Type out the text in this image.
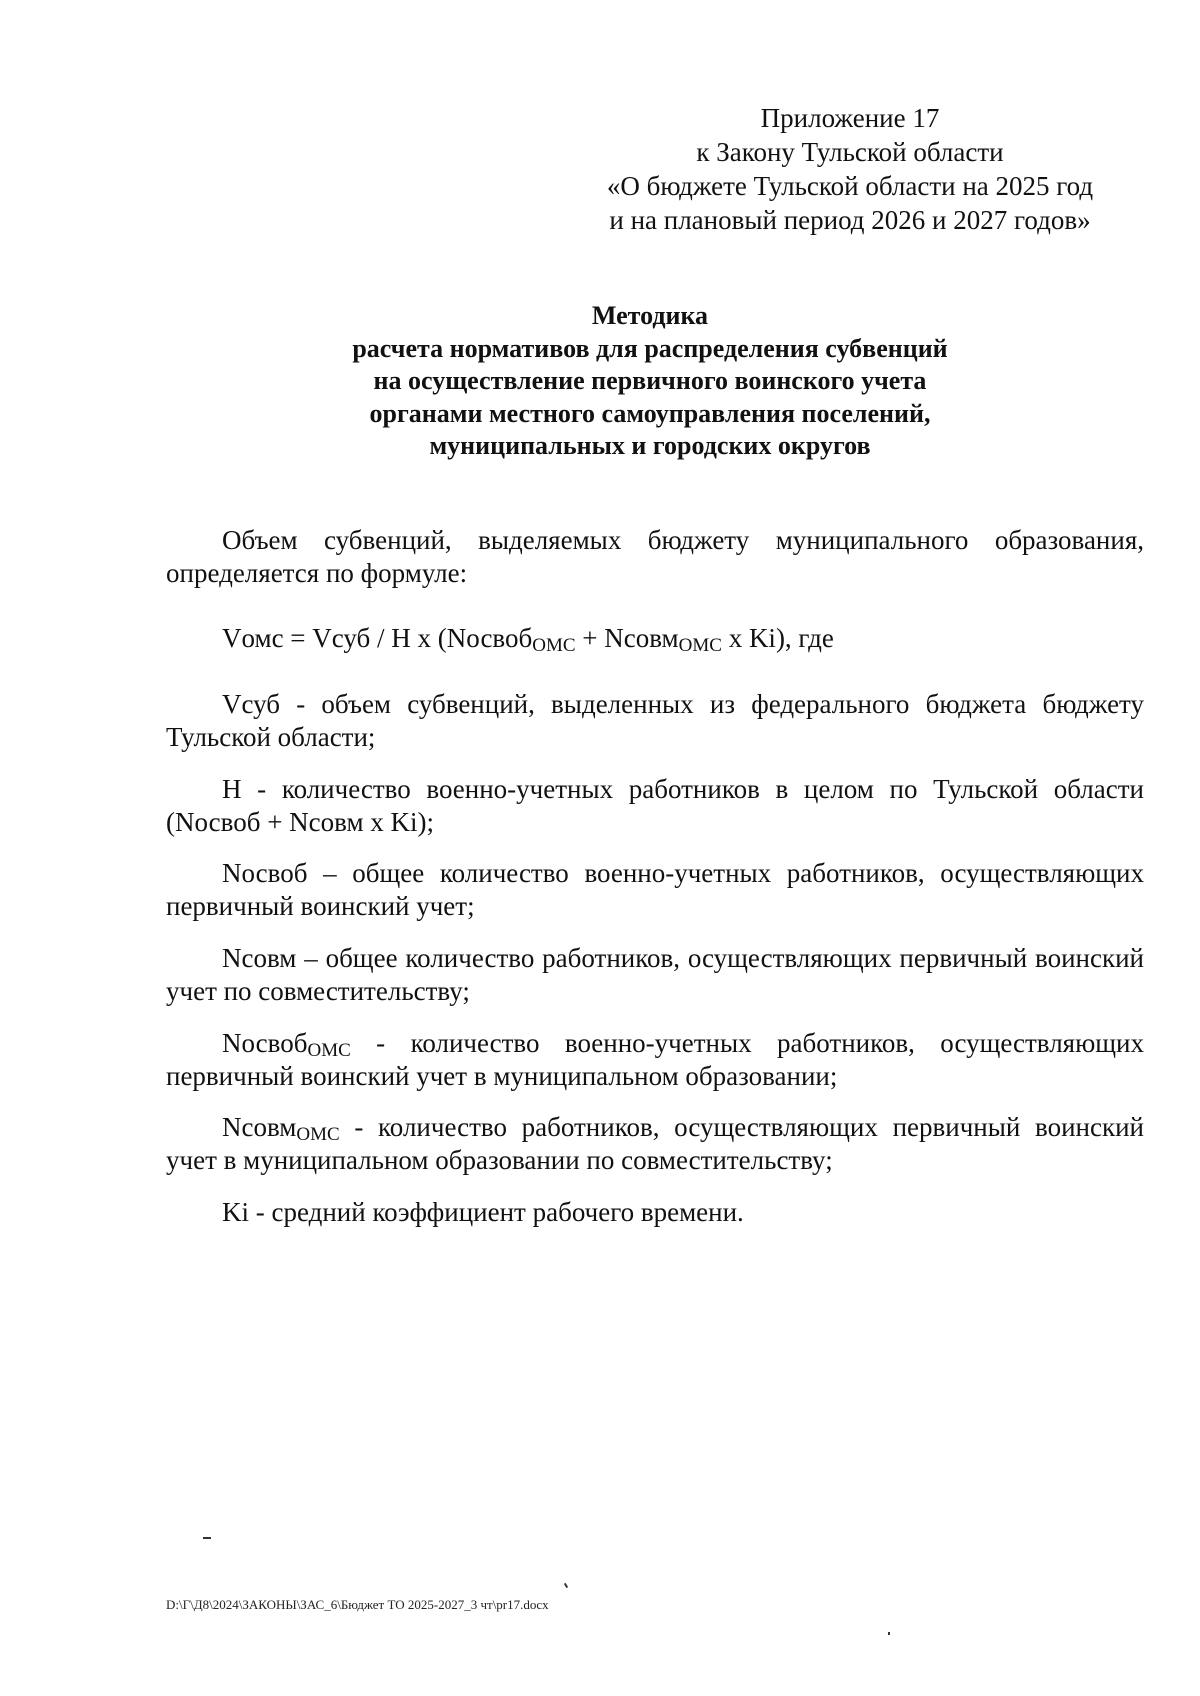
Приложение 17
к Закону Тульской области
«О бюджете Тульской области на 2025 год
и на плановый период 2026 и 2027 годов»
Методика
расчета нормативов для распределения субвенций
на осуществление первичного воинского учета
органами местного самоуправления поселений,
муниципальных и городских округов

Объем субвенций, выделяемых бюджету муниципального образования, определяется по формуле:

Vомс = Vсуб / Н х (Nосвоб$_{ОМС}$ + Nсовм$_{ОМС}$ х Ki), где

Vсуб - объем субвенций, выделенных из федерального бюджета бюджету Тульской области;

Н - количество военно-учетных работников в целом по Тульской области (Nосвоб + Nсовм х Ki);

Nосвоб – общее количество военно-учетных работников, осуществляющих первичный воинский учет;

Nсовм – общее количество работников, осуществляющих первичный воинский учет по совместительству;

Nосвоб$_{ОМС}$ - количество военно-учетных работников, осуществляющих первичный воинский учет в муниципальном образовании;

Nсовм$_{ОМС}$ - количество работников, осуществляющих первичный воинский учет в муниципальном образовании по совместительству;

Ki - средний коэффициент рабочего времени.

D:\Г\Д8\2024\ЗАКОНЫ\ЗАС_6\Бюджет ТО 2025-2027_3 чт\pr17.docx
